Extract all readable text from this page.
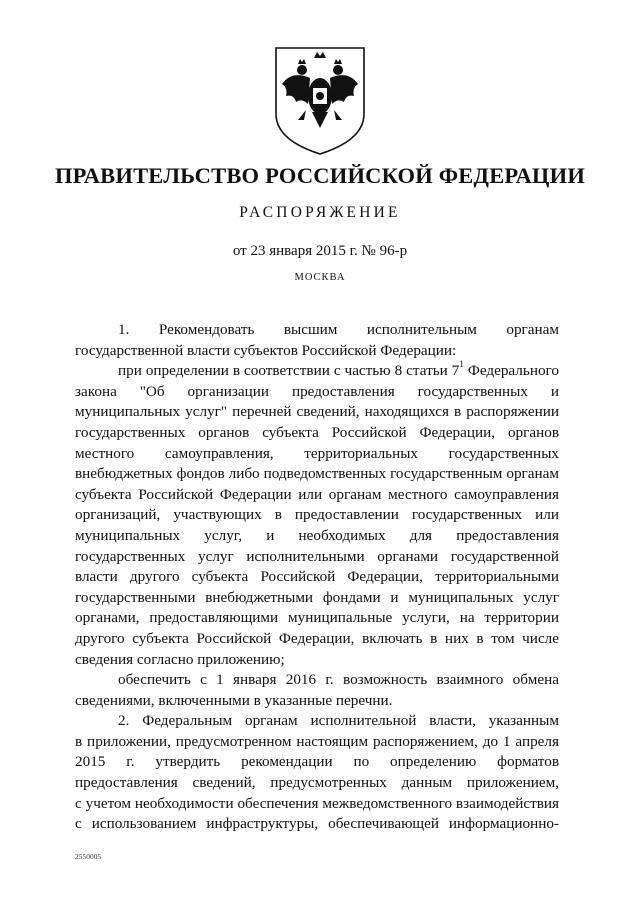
ПРАВИТЕЛЬСТВО РОССИЙСКОЙ ФЕДЕРАЦИИ
РАСПОРЯЖЕНИЕ
от 23 января 2015 г. № 96-р
МОСКВА
1. Рекомендовать высшим исполнительным органам
государственной власти субъектов Российской Федерации:
при определении в соответствии с частью 8 статьи $7^1$ Федерального
закона "Об организации предоставления государственных и
муниципальных услуг" перечней сведений, находящихся в распоряжении
государственных органов субъекта Российской Федерации, органов
местного самоуправления, территориальных государственных
внебюджетных фондов либо подведомственных государственным органам
субъекта Российской Федерации или органам местного самоуправления
организаций, участвующих в предоставлении государственных или
муниципальных услуг, и необходимых для предоставления
государственных услуг исполнительными органами государственной
власти другого субъекта Российской Федерации, территориальными
государственными внебюджетными фондами и муниципальных услуг
органами, предоставляющими муниципальные услуги, на территории
другого субъекта Российской Федерации, включать в них в том числе
сведения согласно приложению;
обеспечить с 1 января 2016 г. возможность взаимного обмена
сведениями, включенными в указанные перечни.
2. Федеральным органам исполнительной власти, указанным
в приложении, предусмотренном настоящим распоряжением, до 1 апреля
2015 г. утвердить рекомендации по определению форматов
предоставления сведений, предусмотренных данным приложением,
с учетом необходимости обеспечения межведомственного взаимодействия
с использованием инфраструктуры, обеспечивающей информационно-
2550005
